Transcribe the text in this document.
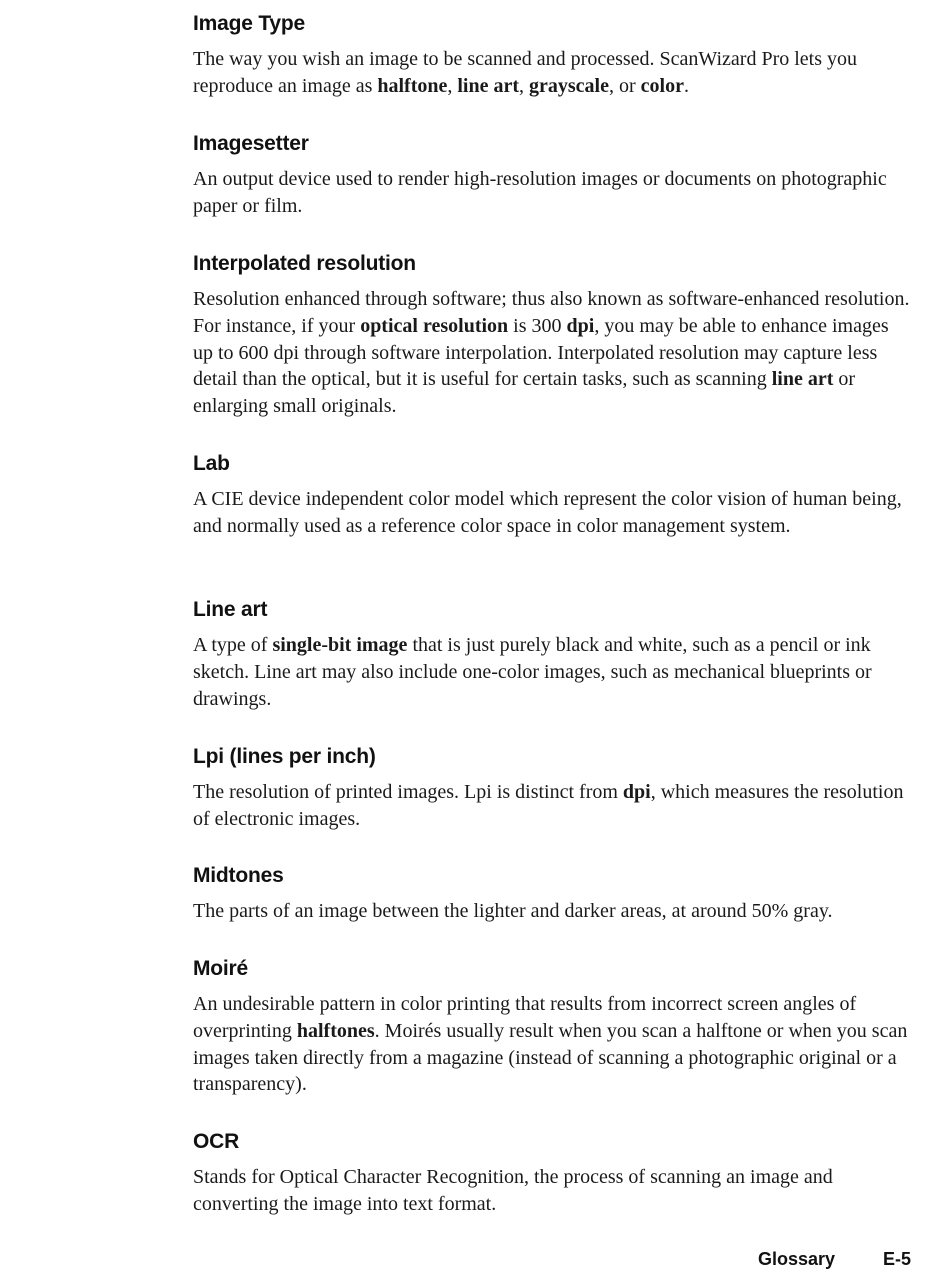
Image Type

The way you wish an image to be scanned and processed. ScanWizard Pro lets you reproduce an image as halftone, line art, grayscale, or color.

Imagesetter

An output device used to render high-resolution images or documents on photographic paper or film.

Interpolated resolution

Resolution enhanced through software; thus also known as software-enhanced resolution. For instance, if your optical resolution is 300 dpi, you may be able to enhance images up to 600 dpi through software interpolation. Interpolated resolution may capture less detail than the optical, but it is useful for certain tasks, such as scanning line art or enlarging small originals.

Lab

A CIE device independent color model which represent the color vision of human being, and normally used as a reference color space in color management system.

Line art

A type of single-bit image that is just purely black and white, such as a pencil or ink sketch. Line art may also include one-color images, such as mechanical blueprints or drawings.

Lpi (lines per inch)

The resolution of printed images. Lpi is distinct from dpi, which measures the resolution of electronic images.

Midtones

The parts of an image between the lighter and darker areas, at around 50% gray.

Moiré

An undesirable pattern in color printing that results from incorrect screen angles of overprinting halftones. Moirés usually result when you scan a halftone or when you scan images taken directly from a magazine (instead of scanning a photographic original or a transparency).

OCR

Stands for Optical Character Recognition, the process of scanning an image and converting the image into text format.

Glossary	E-5
